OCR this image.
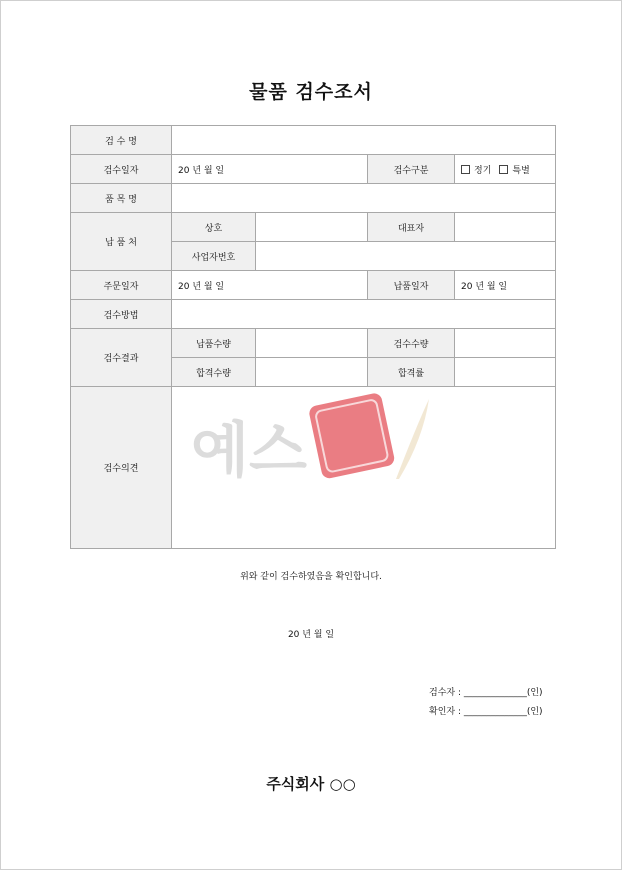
물품 검수조서
검 수 명				
검수일자	20 년 월 일		검수구분	정기 특별
품 목 명				
납 품 처	상호		대표자	
	사업자번호			
주문일자	20 년 월 일		납품일자	20 년 월 일
검수방법				
검수결과	납품수량		검수수량	
	합격수량		합격률	
검수의견				예스
위와 같이 검수하였음을 확인합니다.
20 년 월 일
검수자 : ______________(인)
확인자 : ______________(인)
주식회사 ○○
